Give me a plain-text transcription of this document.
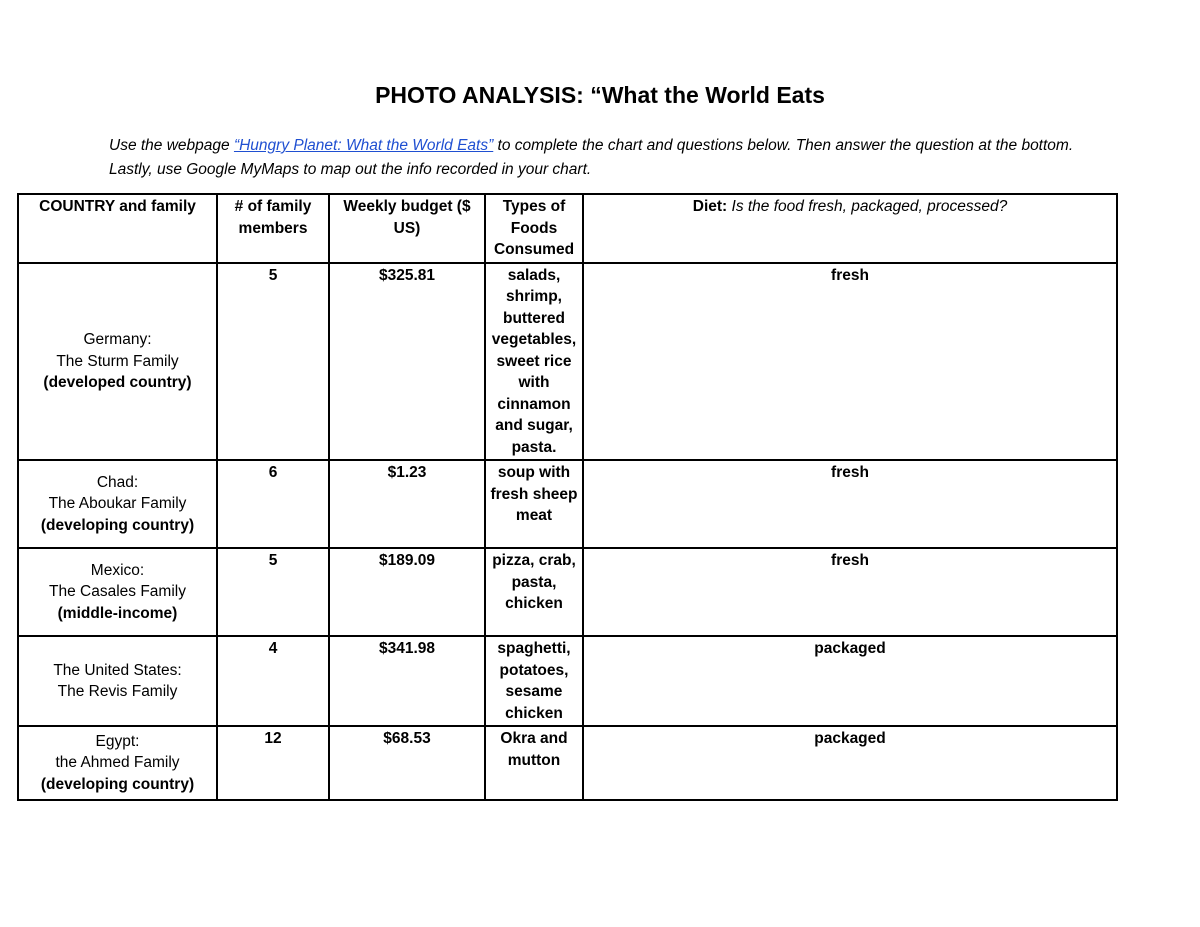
PHOTO ANALYSIS: “What the World Eats
Use the webpage “Hungry Planet: What the World Eats” to complete the chart and questions below. Then answer the question at the bottom. Lastly, use Google MyMaps to map out the info recorded in your chart.
COUNTRY and family	# of family members	Weekly budget ($ US)	Types of Foods Consumed	Diet: Is the food fresh, packaged, processed?

Germany:
The Sturm Family
(developed country)	5	$325.81	salads, shrimp, buttered vegetables, sweet rice with cinnamon and sugar, pasta.	fresh

Chad:
The Aboukar Family
(developing country)	6	$1.23	soup with fresh sheep meat	fresh

Mexico:
The Casales Family
(middle-income)	5	$189.09	pizza, crab, pasta, chicken	fresh

The United States:
The Revis Family	4	$341.98	spaghetti, potatoes, sesame chicken	packaged

Egypt:
the Ahmed Family
(developing country)	12	$68.53	Okra and mutton	packaged
